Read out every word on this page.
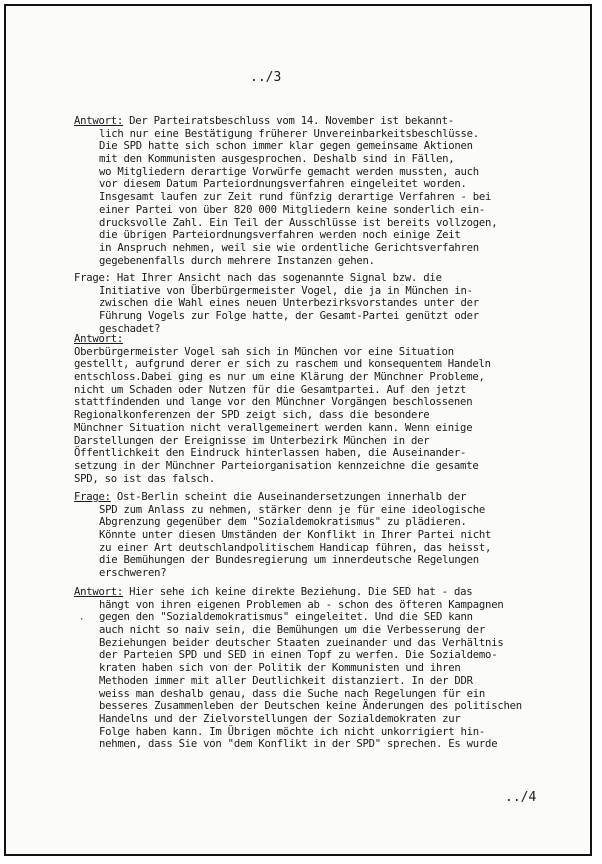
../3
Antwort: Der Parteiratsbeschluss vom 14. November ist bekannt-
lich nur eine Bestätigung früherer Unvereinbarkeitsbeschlüsse.
Die SPD hatte sich schon immer klar gegen gemeinsame Aktionen
mit den Kommunisten ausgesprochen. Deshalb sind in Fällen,
wo Mitgliedern derartige Vorwürfe gemacht werden mussten, auch
vor diesem Datum Parteiordnungsverfahren eingeleitet worden.
Insgesamt laufen zur Zeit rund fünfzig derartige Verfahren - bei
einer Partei von über 820 000 Mitgliedern keine sonderlich ein-
drucksvolle Zahl. Ein Teil der Ausschlüsse ist bereits vollzogen,
die übrigen Parteiordnungsverfahren werden noch einige Zeit
in Anspruch nehmen, weil sie wie ordentliche Gerichtsverfahren
gegebenenfalls durch mehrere Instanzen gehen.
Frage: Hat Ihrer Ansicht nach das sogenannte Signal bzw. die
Initiative von Überbürgermeister Vogel, die ja in München in-
zwischen die Wahl eines neuen Unterbezirksvorstandes unter der
Führung Vogels zur Folge hatte, der Gesamt-Partei genützt oder
geschadet?
Antwort:
Oberbürgermeister Vogel sah sich in München vor eine Situation
gestellt, aufgrund derer er sich zu raschem und konsequentem Handeln
entschloss.Dabei ging es nur um eine Klärung der Münchner Probleme,
nicht um Schaden oder Nutzen für die Gesamtpartei. Auf den jetzt
stattfindenden und lange vor den Münchner Vorgängen beschlossenen
Regionalkonferenzen der SPD zeigt sich, dass die besondere
Münchner Situation nicht verallgemeinert werden kann. Wenn einige
Darstellungen der Ereignisse im Unterbezirk München in der
Öffentlichkeit den Eindruck hinterlassen haben, die Auseinander-
setzung in der Münchner Parteiorganisation kennzeichne die gesamte
SPD, so ist das falsch.
Frage: Ost-Berlin scheint die Auseinandersetzungen innerhalb der
SPD zum Anlass zu nehmen, stärker denn je für eine ideologische
Abgrenzung gegenüber dem "Sozialdemokratismus" zu plädieren.
Könnte unter diesen Umständen der Konflikt in Ihrer Partei nicht
zu einer Art deutschlandpolitischem Handicap führen, das heisst,
die Bemühungen der Bundesregierung um innerdeutsche Regelungen
erschweren?
Antwort: Hier sehe ich keine direkte Beziehung. Die SED hat - das
hängt von ihren eigenen Problemen ab - schon des öfteren Kampagnen
gegen den "Sozialdemokratismus" eingeleitet. Und die SED kann
auch nicht so naiv sein, die Bemühungen um die Verbesserung der
Beziehungen beider deutscher Staaten zueinander und das Verhältnis
der Parteien SPD und SED in einen Topf zu werfen. Die Sozialdemo-
kraten haben sich von der Politik der Kommunisten und ihren
Methoden immer mit aller Deutlichkeit distanziert. In der DDR
weiss man deshalb genau, dass die Suche nach Regelungen für ein
besseres Zusammenleben der Deutschen keine Änderungen des politischen
Handelns und der Zielvorstellungen der Sozialdemokraten zur
Folge haben kann. Im Übrigen möchte ich nicht unkorrigiert hin-
nehmen, dass Sie von "dem Konflikt in der SPD" sprechen. Es wurde
·
../4
